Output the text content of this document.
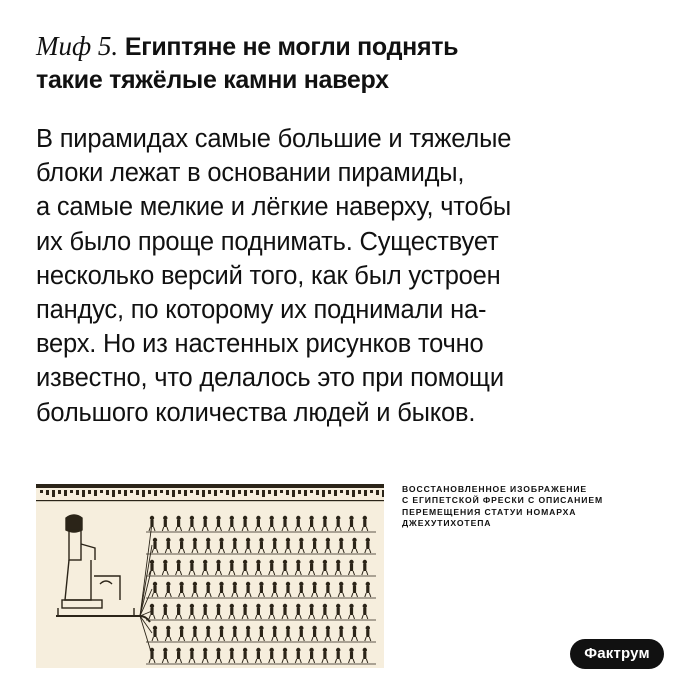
Миф 5. Египтяне не могли поднять
такие тяжёлые камни наверх
В пирамидах самые большие и тяжелые
блоки лежат в основании пирамиды,
а самые мелкие и лёгкие наверху, чтобы
их было проще поднимать. Существует
несколько версий того, как был устроен
пандус, по которому их поднимали на-
верх. Но из настенных рисунков точно
известно, что делалось это при помощи
большого количества людей и быков.
ВОССТАНОВЛЕННОЕ ИЗОБРАЖЕНИЕ
С ЕГИПЕТСКОЙ ФРЕСКИ С ОПИСАНИЕМ
ПЕРЕМЕЩЕНИЯ СТАТУИ НОМАРХА
ДЖЕХУТИХОТЕПА
Фактрум
